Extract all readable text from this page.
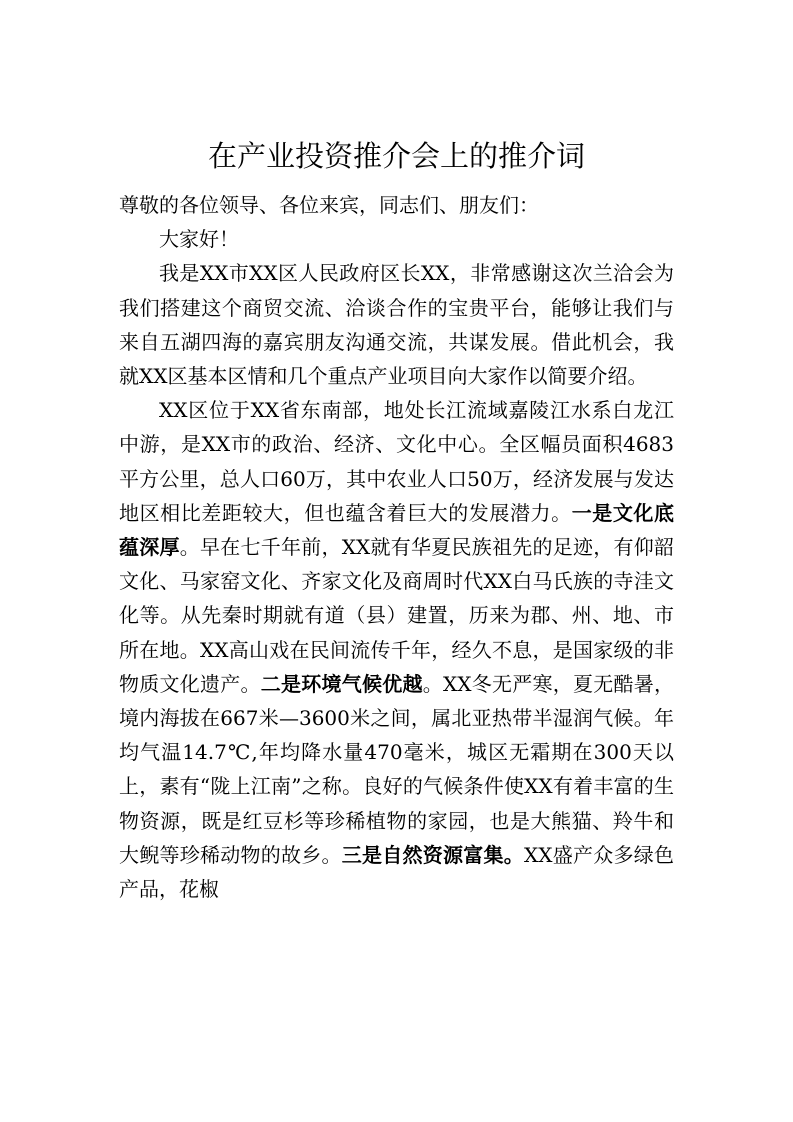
在产业投资推介会上的推介词

尊敬的各位领导、各位来宾，同志们、朋友们：

大家好！

我是XX市XX区人民政府区长XX，非常感谢这次兰洽会为我们搭建这个商贸交流、洽谈合作的宝贵平台，能够让我们与来自五湖四海的嘉宾朋友沟通交流，共谋发展。借此机会，我就XX区基本区情和几个重点产业项目向大家作以简要介绍。

XX区位于XX省东南部，地处长江流域嘉陵江水系白龙江中游，是XX市的政治、经济、文化中心。全区幅员面积4683平方公里，总人口60万，其中农业人口50万，经济发展与发达地区相比差距较大，但也蕴含着巨大的发展潜力。一是文化底蕴深厚。早在七千年前，XX就有华夏民族祖先的足迹，有仰韶文化、马家窑文化、齐家文化及商周时代XX白马氏族的寺洼文化等。从先秦时期就有道（县）建置，历来为郡、州、地、市所在地。XX高山戏在民间流传千年，经久不息，是国家级的非物质文化遗产。二是环境气候优越。XX冬无严寒，夏无酷暑，境内海拔在667米—3600米之间，属北亚热带半湿润气候。年均气温14.7℃,年均降水量470毫米，城区无霜期在300天以上，素有“陇上江南”之称。良好的气候条件使XX有着丰富的生物资源，既是红豆杉等珍稀植物的家园，也是大熊猫、羚牛和大鲵等珍稀动物的故乡。三是自然资源富集。XX盛产众多绿色产品，花椒
